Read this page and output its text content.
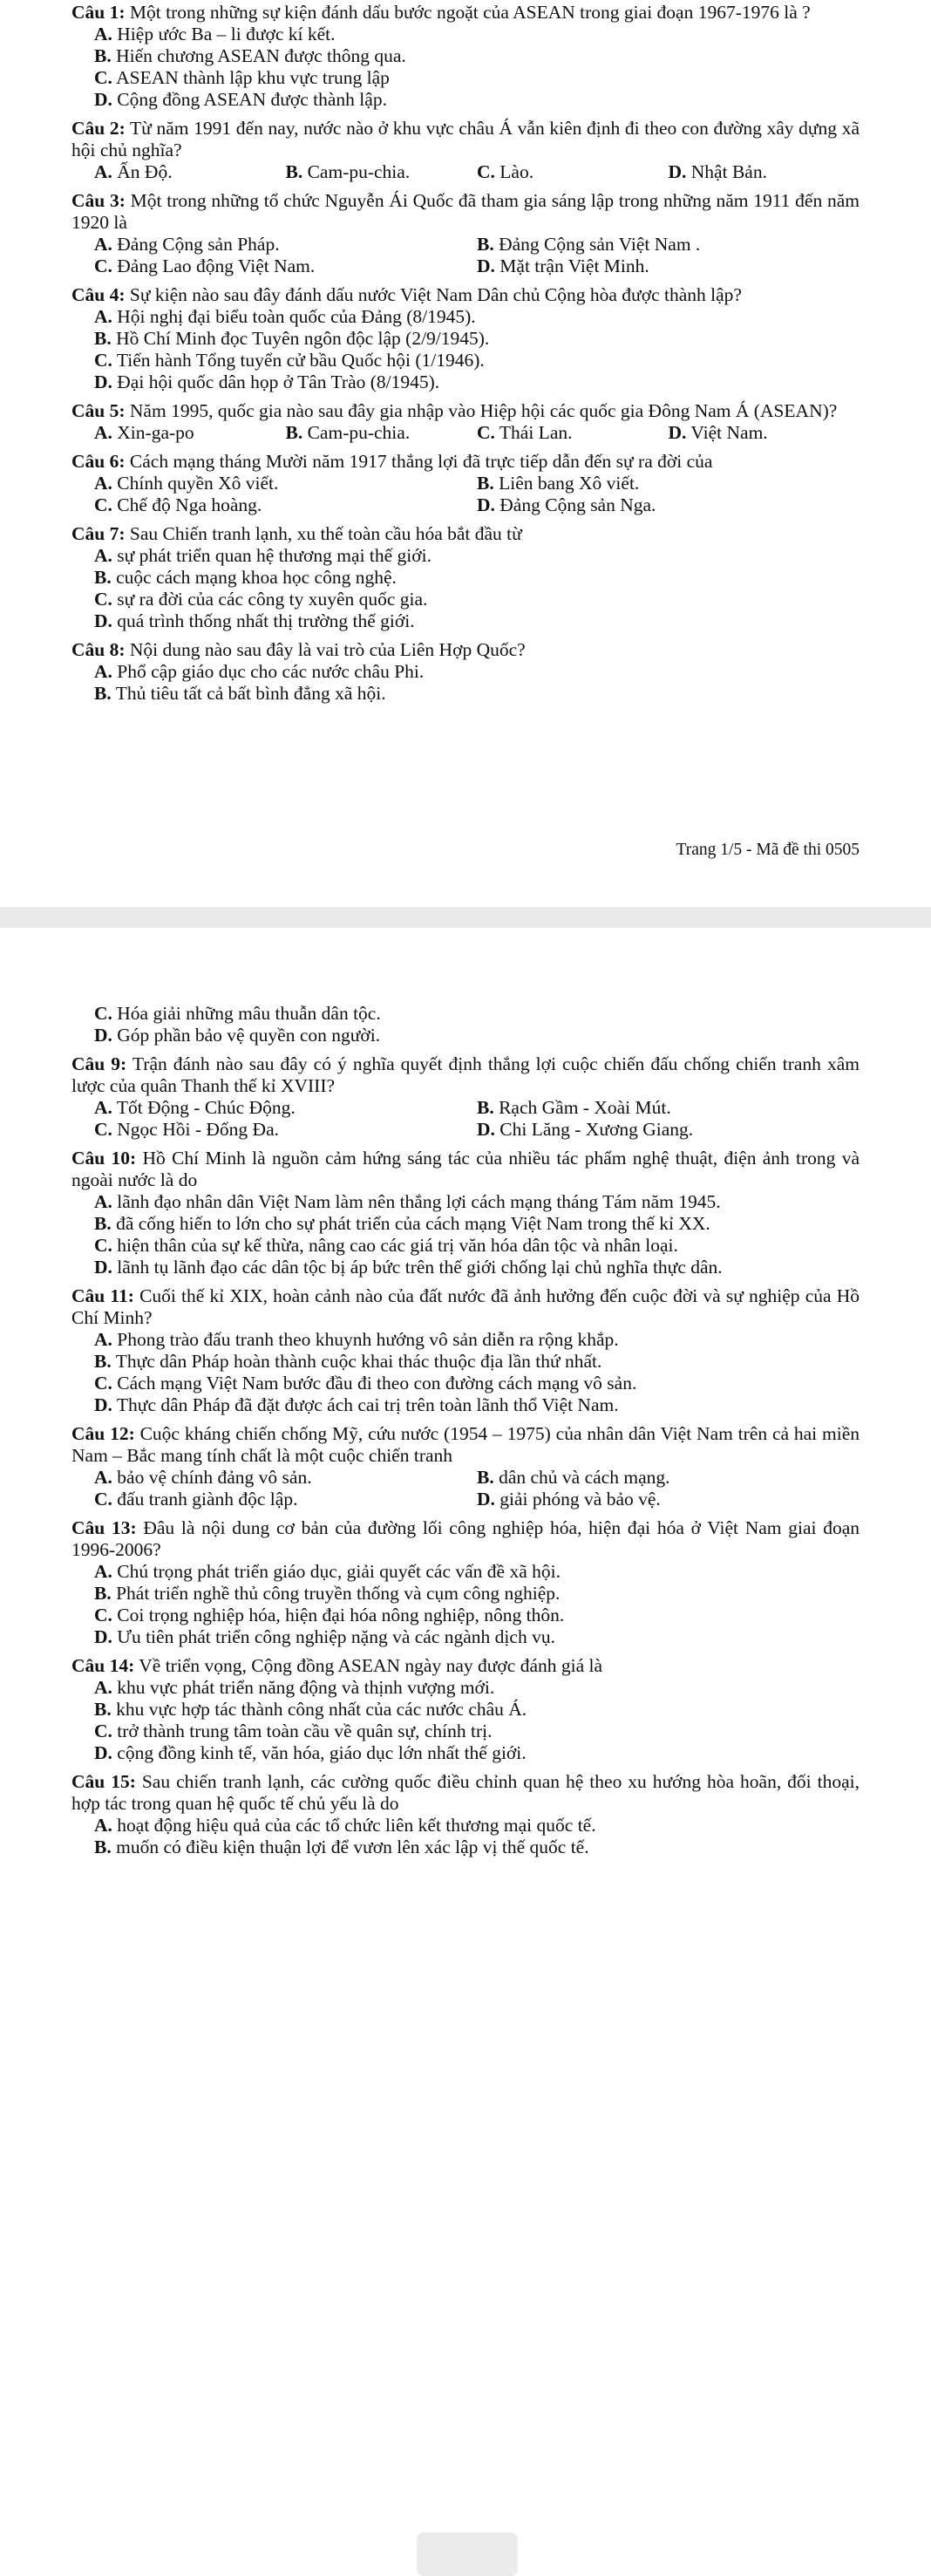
Câu 1: Một trong những sự kiện đánh dấu bước ngoặt của ASEAN trong giai đoạn 1967-1976 là ?
A. Hiệp ước Ba – li được kí kết.
B. Hiến chương ASEAN được thông qua.
C. ASEAN thành lập khu vực trung lập
D. Cộng đồng ASEAN được thành lập.
Câu 2: Từ năm 1991 đến nay, nước nào ở khu vực châu Á vẫn kiên định đi theo con đường xây dựng xã hội chủ nghĩa?
A. Ấn Độ.	B. Cam-pu-chia.	C. Lào.	D. Nhật Bản.
Câu 3: Một trong những tổ chức Nguyễn Ái Quốc đã tham gia sáng lập trong những năm 1911 đến năm 1920 là
A. Đảng Cộng sản Pháp.	B. Đảng Cộng sản Việt Nam .
C. Đảng Lao động Việt Nam.	D. Mặt trận Việt Minh.
Câu 4: Sự kiện nào sau đây đánh dấu nước Việt Nam Dân chủ Cộng hòa được thành lập?
A. Hội nghị đại biểu toàn quốc của Đảng (8/1945).
B. Hồ Chí Minh đọc Tuyên ngôn độc lập (2/9/1945).
C. Tiến hành Tổng tuyển cử bầu Quốc hội (1/1946).
D. Đại hội quốc dân họp ở Tân Trào (8/1945).
Câu 5: Năm 1995, quốc gia nào sau đây gia nhập vào Hiệp hội các quốc gia Đông Nam Á (ASEAN)?
A. Xin-ga-po	B. Cam-pu-chia.	C. Thái Lan.	D. Việt Nam.
Câu 6: Cách mạng tháng Mười năm 1917 thắng lợi đã trực tiếp dẫn đến sự ra đời của
A. Chính quyền Xô viết.	B. Liên bang Xô viết.
C. Chế độ Nga hoàng.	D. Đảng Cộng sản Nga.
Câu 7: Sau Chiến tranh lạnh, xu thế toàn cầu hóa bắt đầu từ
A. sự phát triển quan hệ thương mại thế giới.
B. cuộc cách mạng khoa học công nghệ.
C. sự ra đời của các công ty xuyên quốc gia.
D. quá trình thống nhất thị trường thế giới.
Câu 8: Nội dung nào sau đây là vai trò của Liên Hợp Quốc?
A. Phổ cập giáo dục cho các nước châu Phi.
B. Thủ tiêu tất cả bất bình đẳng xã hội.
Trang 1/5 - Mã đề thi 0505
C. Hóa giải những mâu thuẫn dân tộc.
D. Góp phần bảo vệ quyền con người.
Câu 9: Trận đánh nào sau đây có ý nghĩa quyết định thắng lợi cuộc chiến đấu chống chiến tranh xâm lược của quân Thanh thế kỉ XVIII?
A. Tốt Động - Chúc Động.	B. Rạch Gầm - Xoài Mút.
C. Ngọc Hồi - Đống Đa.	D. Chi Lăng - Xương Giang.
Câu 10: Hồ Chí Minh là nguồn cảm hứng sáng tác của nhiều tác phẩm nghệ thuật, điện ảnh trong và ngoài nước là do
A. lãnh đạo nhân dân Việt Nam làm nên thắng lợi cách mạng tháng Tám năm 1945.
B. đã cống hiến to lớn cho sự phát triển của cách mạng Việt Nam trong thế kỉ XX.
C. hiện thân của sự kế thừa, nâng cao các giá trị văn hóa dân tộc và nhân loại.
D. lãnh tụ lãnh đạo các dân tộc bị áp bức trên thế giới chống lại chủ nghĩa thực dân.
Câu 11: Cuối thế kỉ XIX, hoàn cảnh nào của đất nước đã ảnh hưởng đến cuộc đời và sự nghiệp của Hồ Chí Minh?
A. Phong trào đấu tranh theo khuynh hướng vô sản diễn ra rộng khắp.
B. Thực dân Pháp hoàn thành cuộc khai thác thuộc địa lần thứ nhất.
C. Cách mạng Việt Nam bước đầu đi theo con đường cách mạng vô sản.
D. Thực dân Pháp đã đặt được ách cai trị trên toàn lãnh thổ Việt Nam.
Câu 12: Cuộc kháng chiến chống Mỹ, cứu nước (1954 – 1975) của nhân dân Việt Nam trên cả hai miền Nam – Bắc mang tính chất là một cuộc chiến tranh
A. bảo vệ chính đảng vô sản.	B. dân chủ và cách mạng.
C. đấu tranh giành độc lập.	D. giải phóng và bảo vệ.
Câu 13: Đâu là nội dung cơ bản của đường lối công nghiệp hóa, hiện đại hóa ở Việt Nam giai đoạn 1996-2006?
A. Chú trọng phát triển giáo dục, giải quyết các vấn đề xã hội.
B. Phát triển nghề thủ công truyền thống và cụm công nghiệp.
C. Coi trọng nghiệp hóa, hiện đại hóa nông nghiệp, nông thôn.
D. Ưu tiên phát triển công nghiệp nặng và các ngành dịch vụ.
Câu 14: Về triển vọng, Cộng đồng ASEAN ngày nay được đánh giá là
A. khu vực phát triển năng động và thịnh vượng mới.
B. khu vực hợp tác thành công nhất của các nước châu Á.
C. trở thành trung tâm toàn cầu về quân sự, chính trị.
D. cộng đồng kinh tế, văn hóa, giáo dục lớn nhất thế giới.
Câu 15: Sau chiến tranh lạnh, các cường quốc điều chỉnh quan hệ theo xu hướng hòa hoãn, đối thoại, hợp tác trong quan hệ quốc tế chủ yếu là do
A. hoạt động hiệu quả của các tổ chức liên kết thương mại quốc tế.
B. muốn có điều kiện thuận lợi để vươn lên xác lập vị thế quốc tế.
